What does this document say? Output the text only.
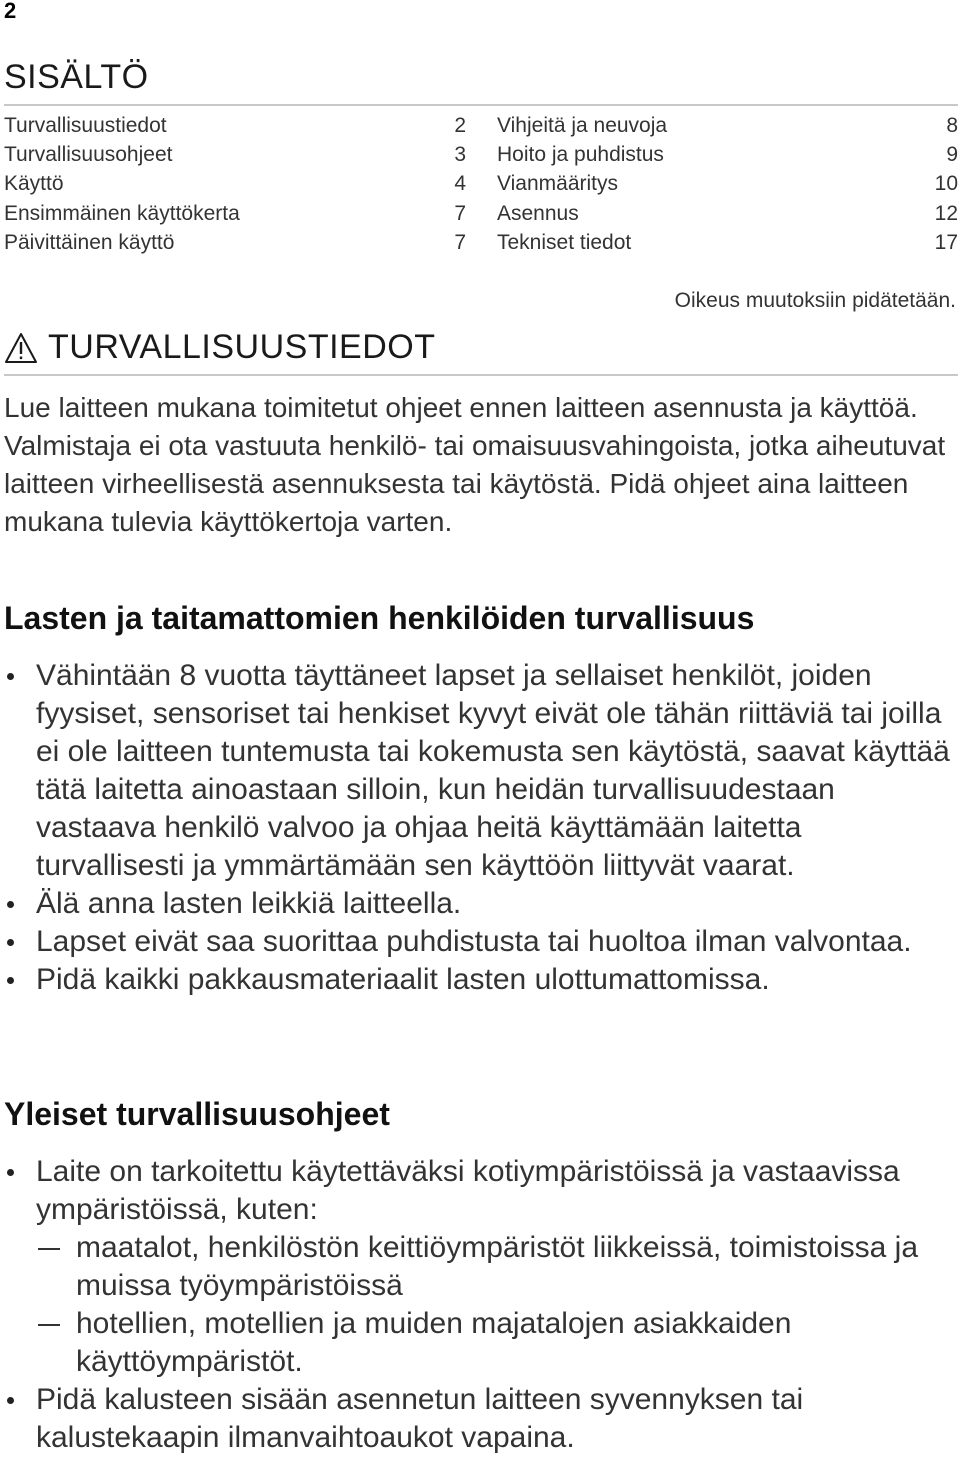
2
SISÄLTÖ
Turvallisuustiedot	2
Turvallisuusohjeet	3
Käyttö	4
Ensimmäinen käyttökerta	7
Päivittäinen käyttö	7
Vihjeitä ja neuvoja	8
Hoito ja puhdistus	9
Vianmääritys	10
Asennus	12
Tekniset tiedot	17
Oikeus muutoksiin pidätetään.
TURVALLISUUSTIEDOT

Lue laitteen mukana toimitetut ohjeet ennen laitteen asennusta ja käyttöä. Valmistaja ei ota vastuuta henkilö- tai omaisuusvahingoista, jotka aiheutuvat laitteen virheellisestä asennuksesta tai käytöstä. Pidä ohjeet aina laitteen mukana tulevia käyttökertoja varten.

Lasten ja taitamattomien henkilöiden turvallisuus
Vähintään 8 vuotta täyttäneet lapset ja sellaiset henkilöt, joiden fyysiset, sensoriset tai henkiset kyvyt eivät ole tähän riittäviä tai joilla ei ole laitteen tuntemusta tai kokemusta sen käytöstä, saavat käyttää tätä laitetta ainoastaan silloin, kun heidän turvallisuudestaan vastaava henkilö valvoo ja ohjaa heitä käyttämään laitetta turvallisesti ja ymmärtämään sen käyttöön liittyvät vaarat.
Älä anna lasten leikkiä laitteella.
Lapset eivät saa suorittaa puhdistusta tai huoltoa ilman valvontaa.
Pidä kaikki pakkausmateriaalit lasten ulottumattomissa.
Yleiset turvallisuusohjeet
Laite on tarkoitettu käytettäväksi kotiympäristöissä ja vastaavissa ympäristöissä, kuten:
maatalot, henkilöstön keittiöympäristöt liikkeissä, toimistoissa ja muissa työympäristöissä
hotellien, motellien ja muiden majatalojen asiakkaiden käyttöympäristöt.
Pidä kalusteen sisään asennetun laitteen syvennyksen tai kalustekaapin ilmanvaihtoaukot vapaina.
